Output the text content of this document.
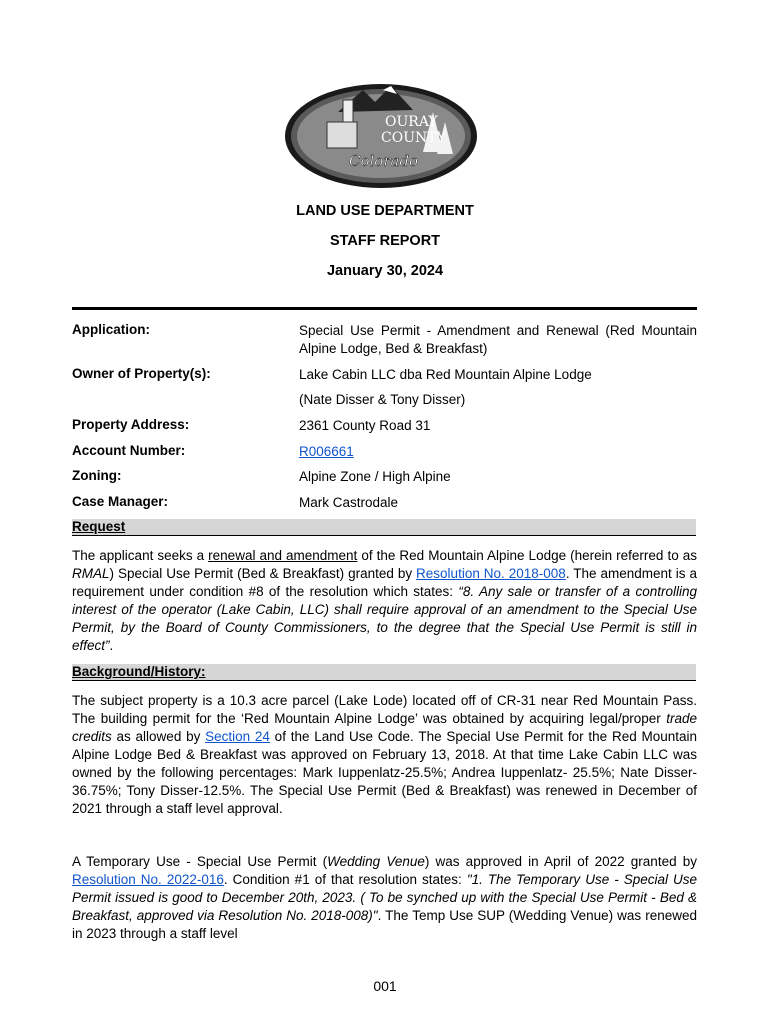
OURAY
COUNTY
Colorado
LAND USE DEPARTMENT
STAFF REPORT
January 30, 2024
Application:	Special Use Permit - Amendment and Renewal (Red Mountain Alpine Lodge, Bed & Breakfast)
Owner of Property(s):	Lake Cabin LLC dba Red Mountain Alpine Lodge
(Nate Disser & Tony Disser)
Property Address:	2361 County Road 31
Account Number:	R006661
Zoning:	Alpine Zone / High Alpine
Case Manager:	Mark Castrodale
Request
The applicant seeks a renewal and amendment of the Red Mountain Alpine Lodge (herein referred to as RMAL) Special Use Permit (Bed & Breakfast) granted by Resolution No. 2018-008. The amendment is a requirement under condition #8 of the resolution which states: “8. Any sale or transfer of a controlling interest of the operator (Lake Cabin, LLC) shall require approval of an amendment to the Special Use Permit, by the Board of County Commissioners, to the degree that the Special Use Permit is still in effect”.
Background/History:
The subject property is a 10.3 acre parcel (Lake Lode) located off of CR-31 near Red Mountain Pass. The building permit for the ‘Red Mountain Alpine Lodge’ was obtained by acquiring legal/proper trade credits as allowed by Section 24 of the Land Use Code. The Special Use Permit for the Red Mountain Alpine Lodge Bed & Breakfast was approved on February 13, 2018. At that time Lake Cabin LLC was owned by the following percentages: Mark Iuppenlatz-25.5%; Andrea Iuppenlatz- 25.5%; Nate Disser- 36.75%; Tony Disser-12.5%. The Special Use Permit (Bed & Breakfast) was renewed in December of 2021 through a staff level approval.
A Temporary Use - Special Use Permit (Wedding Venue) was approved in April of 2022 granted by Resolution No. 2022-016. Condition #1 of that resolution states: "1. The Temporary Use - Special Use Permit issued is good to December 20th, 2023. ( To be synched up with the Special Use Permit - Bed & Breakfast, approved via Resolution No. 2018-008)". The Temp Use SUP (Wedding Venue) was renewed in 2023 through a staff level
001
